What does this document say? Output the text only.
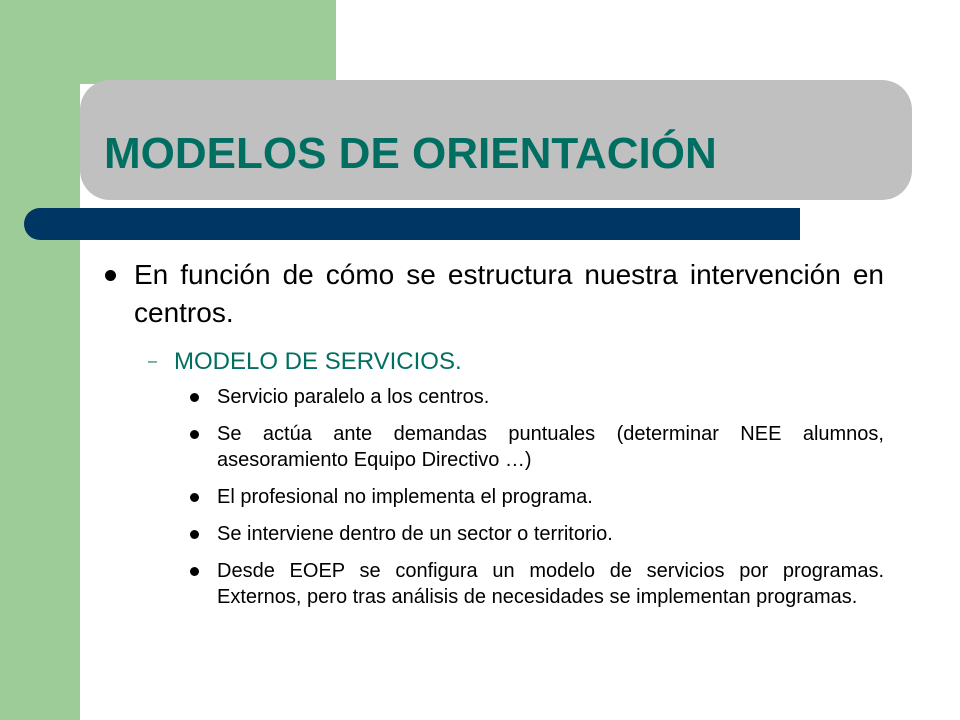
MODELOS DE ORIENTACIÓN
En función de cómo se estructura nuestra intervención en centros.
– MODELO DE SERVICIOS.
Servicio paralelo a los centros.
Se actúa ante demandas puntuales (determinar NEE alumnos, asesoramiento Equipo Directivo …)
El profesional no implementa el programa.
Se interviene dentro de un sector o territorio.
Desde EOEP se configura un modelo de servicios por programas. Externos, pero tras análisis de necesidades se implementan programas.
